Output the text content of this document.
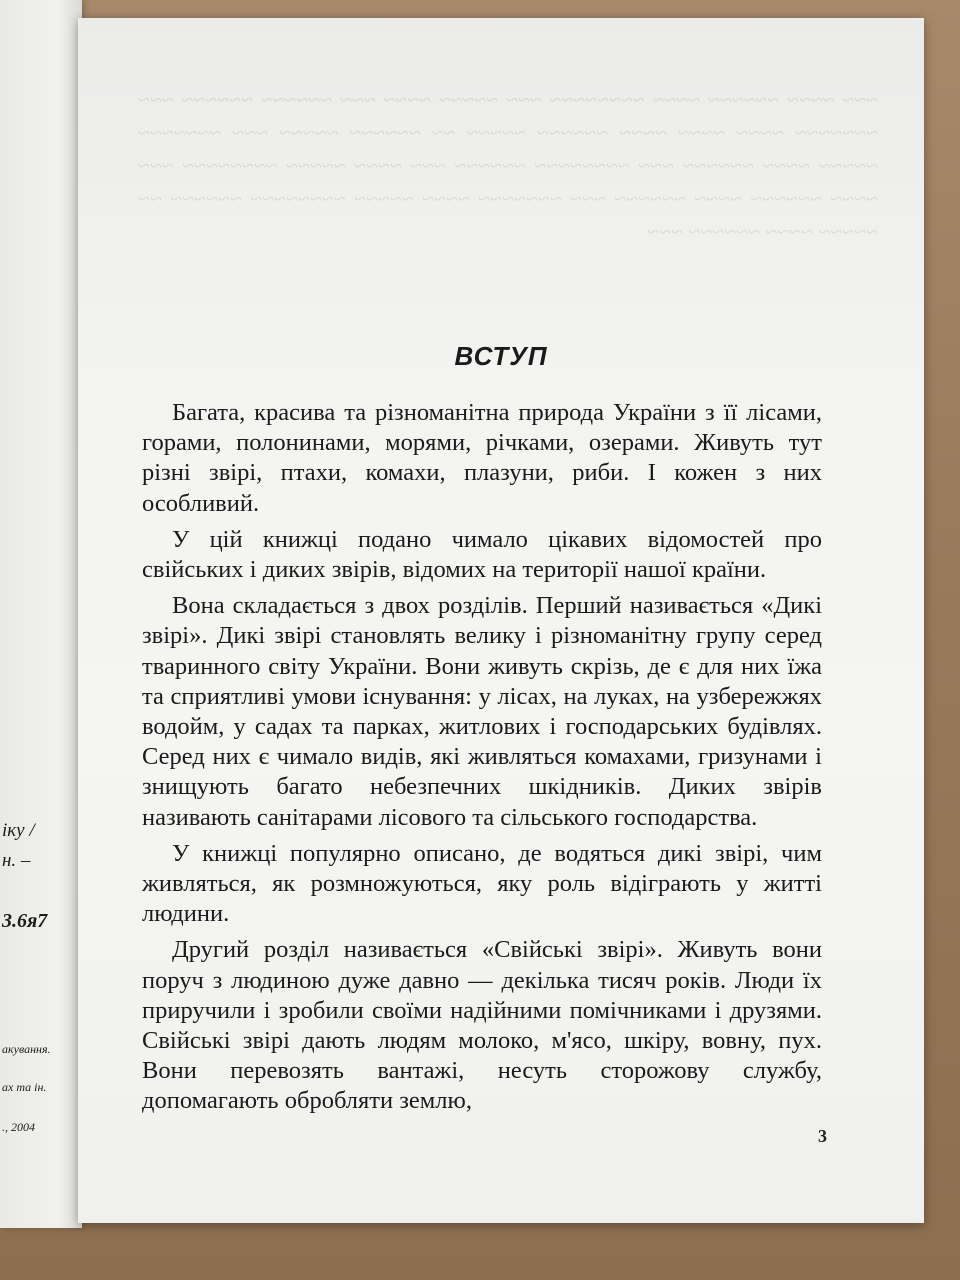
іку /
н. –
3.6я7
акування.
ах та ін.
., 2004
~~~ ~~~~ ~~~~~~ ~~~~ ~~~~~~~~ ~~~ ~~~~~ ~~~~ ~~~ ~~~~~~ ~~~~~~ ~~~ ~~~~~~~ ~~~~ ~~~~ ~~~~ ~~~~~~ ~~~~~ ~~ ~~~~~~ ~~~~~ ~~~ ~~~~~~~ ~~~~~ ~~~~ ~~~~~~ ~~~ ~~~~~~~~ ~~~~~~ ~~~ ~~~~ ~~~~~ ~~~~~~~~ ~~~ ~~~~ ~~~~~~ ~~~~ ~~~~~~ ~~~ ~~~~~~~ ~~~~ ~~~~~ ~~~~~~~~ ~~~~~~ ~~ ~~~~~ ~~~~ ~~~~~~ ~~~
ВСТУП

Багата, красива та різноманітна природа України з її лісами, горами, полонинами, морями, річками, озерами. Живуть тут різні звірі, птахи, комахи, плазуни, риби. І кожен з них особливий.

У цій книжці подано чимало цікавих відомостей про свійських і диких звірів, відомих на території нашої країни.

Вона складається з двох розділів. Перший називається «Дикі звірі». Дикі звірі становлять велику і різноманітну групу серед тваринного світу України. Вони живуть скрізь, де є для них їжа та сприятливі умови існування: у лісах, на луках, на узбережжях водойм, у садах та парках, житлових і господарських будівлях. Серед них є чимало видів, які живляться комахами, гризунами і знищують багато небезпечних шкідників. Диких звірів називають санітарами лісового та сільського господарства.

У книжці популярно описано, де водяться дикі звірі, чим живляться, як розмножуються, яку роль відіграють у житті людини.

Другий розділ називається «Свійські звірі». Живуть вони поруч з людиною дуже давно — декілька тисяч років. Люди їх приручили і зробили своїми надійними помічниками і друзями. Свійські звірі дають людям молоко, м'ясо, шкіру, вовну, пух. Вони перевозять вантажі, несуть сторожову службу, допомагають обробляти землю,

3
